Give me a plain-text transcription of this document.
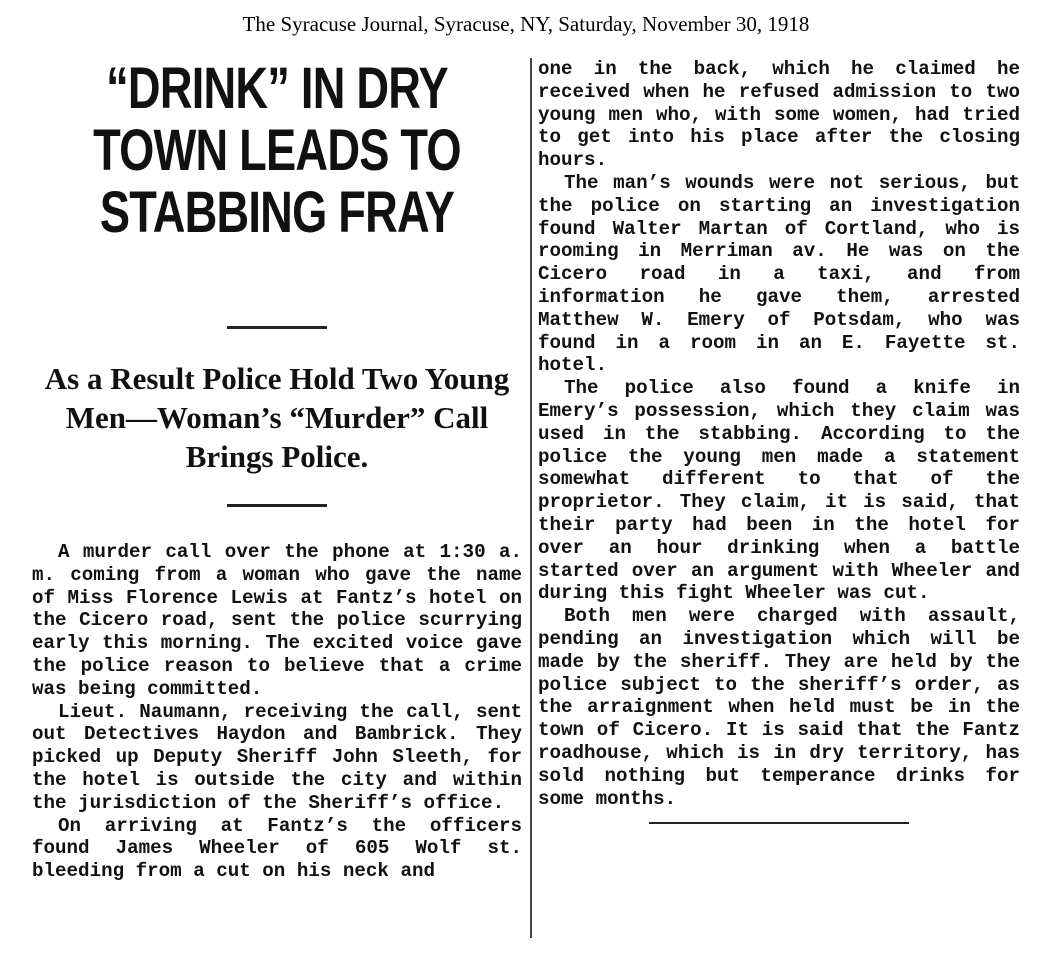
The Syracuse Journal, Syracuse, NY, Saturday, November 30, 1918
“DRINK” IN DRY
TOWN LEADS TO
STABBING FRAY
As a Result Police Hold Two Young Men—Woman’s “Murder” Call Brings Police.

A murder call over the phone at 1:30 a. m. coming from a woman who gave the name of Miss Florence Lewis at Fantz’s hotel on the Cicero road, sent the police scurrying early this morning. The excited voice gave the police reason to believe that a crime was being committed.

Lieut. Naumann, receiving the call, sent out Detectives Haydon and Bambrick. They picked up Deputy Sheriff John Sleeth, for the hotel is outside the city and within the jurisdiction of the Sheriff’s office.

On arriving at Fantz’s the officers found James Wheeler of 605 Wolf st. bleeding from a cut on his neck and

one in the back, which he claimed he received when he refused admission to two young men who, with some women, had tried to get into his place after the closing hours.

The man’s wounds were not serious, but the police on starting an investigation found Walter Martan of Cortland, who is rooming in Merriman av. He was on the Cicero road in a taxi, and from information he gave them, arrested Matthew W. Emery of Potsdam, who was found in a room in an E. Fayette st. hotel.

The police also found a knife in Emery’s possession, which they claim was used in the stabbing. According to the police the young men made a statement somewhat different to that of the proprietor. They claim, it is said, that their party had been in the hotel for over an hour drinking when a battle started over an argument with Wheeler and during this fight Wheeler was cut.

Both men were charged with assault, pending an investigation which will be made by the sheriff. They are held by the police subject to the sheriff’s order, as the arraignment when held must be in the town of Cicero. It is said that the Fantz roadhouse, which is in dry territory, has sold nothing but temperance drinks for some months.
